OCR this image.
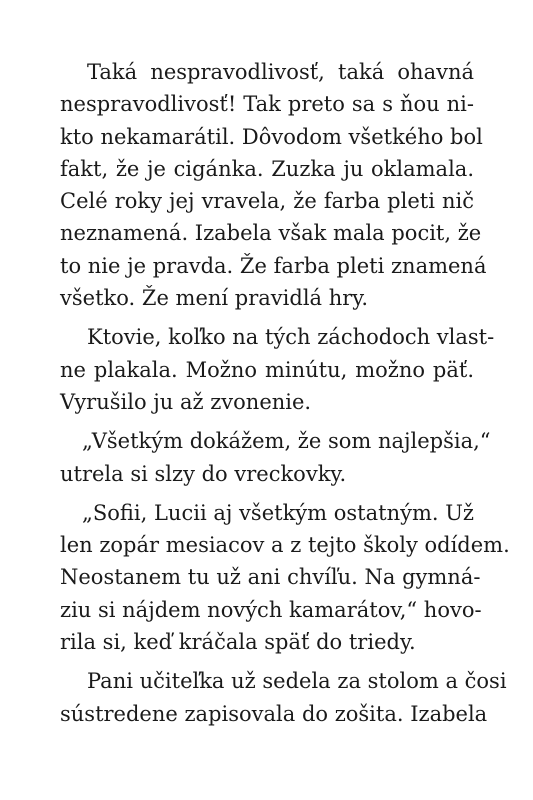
Taká nespravodlivosť, taká ohavná
nespravodlivosť! Tak preto sa s ňou ni-
kto nekamarátil. Dôvodom všetkého bol
fakt, že je cigánka. Zuzka ju oklamala.
Celé roky jej vravela, že farba pleti nič
neznamená. Izabela však mala pocit, že
to nie je pravda. Že farba pleti znamená
všetko. Že mení pravidlá hry.
Ktovie, koľko na tých záchodoch vlast-
ne plakala. Možno minútu, možno päť.
Vyrušilo ju až zvonenie.
„Všetkým dokážem, že som najlepšia,“
utrela si slzy do vreckovky.
„Sofii, Lucii aj všetkým ostatným. Už
len zopár mesiacov a z tejto školy odídem.
Neostanem tu už ani chvíľu. Na gymná-
ziu si nájdem nových kamarátov,“ hovo-
rila si, keď kráčala späť do triedy.
Pani učiteľka už sedela za stolom a čosi
sústredene zapisovala do zošita. Izabela
